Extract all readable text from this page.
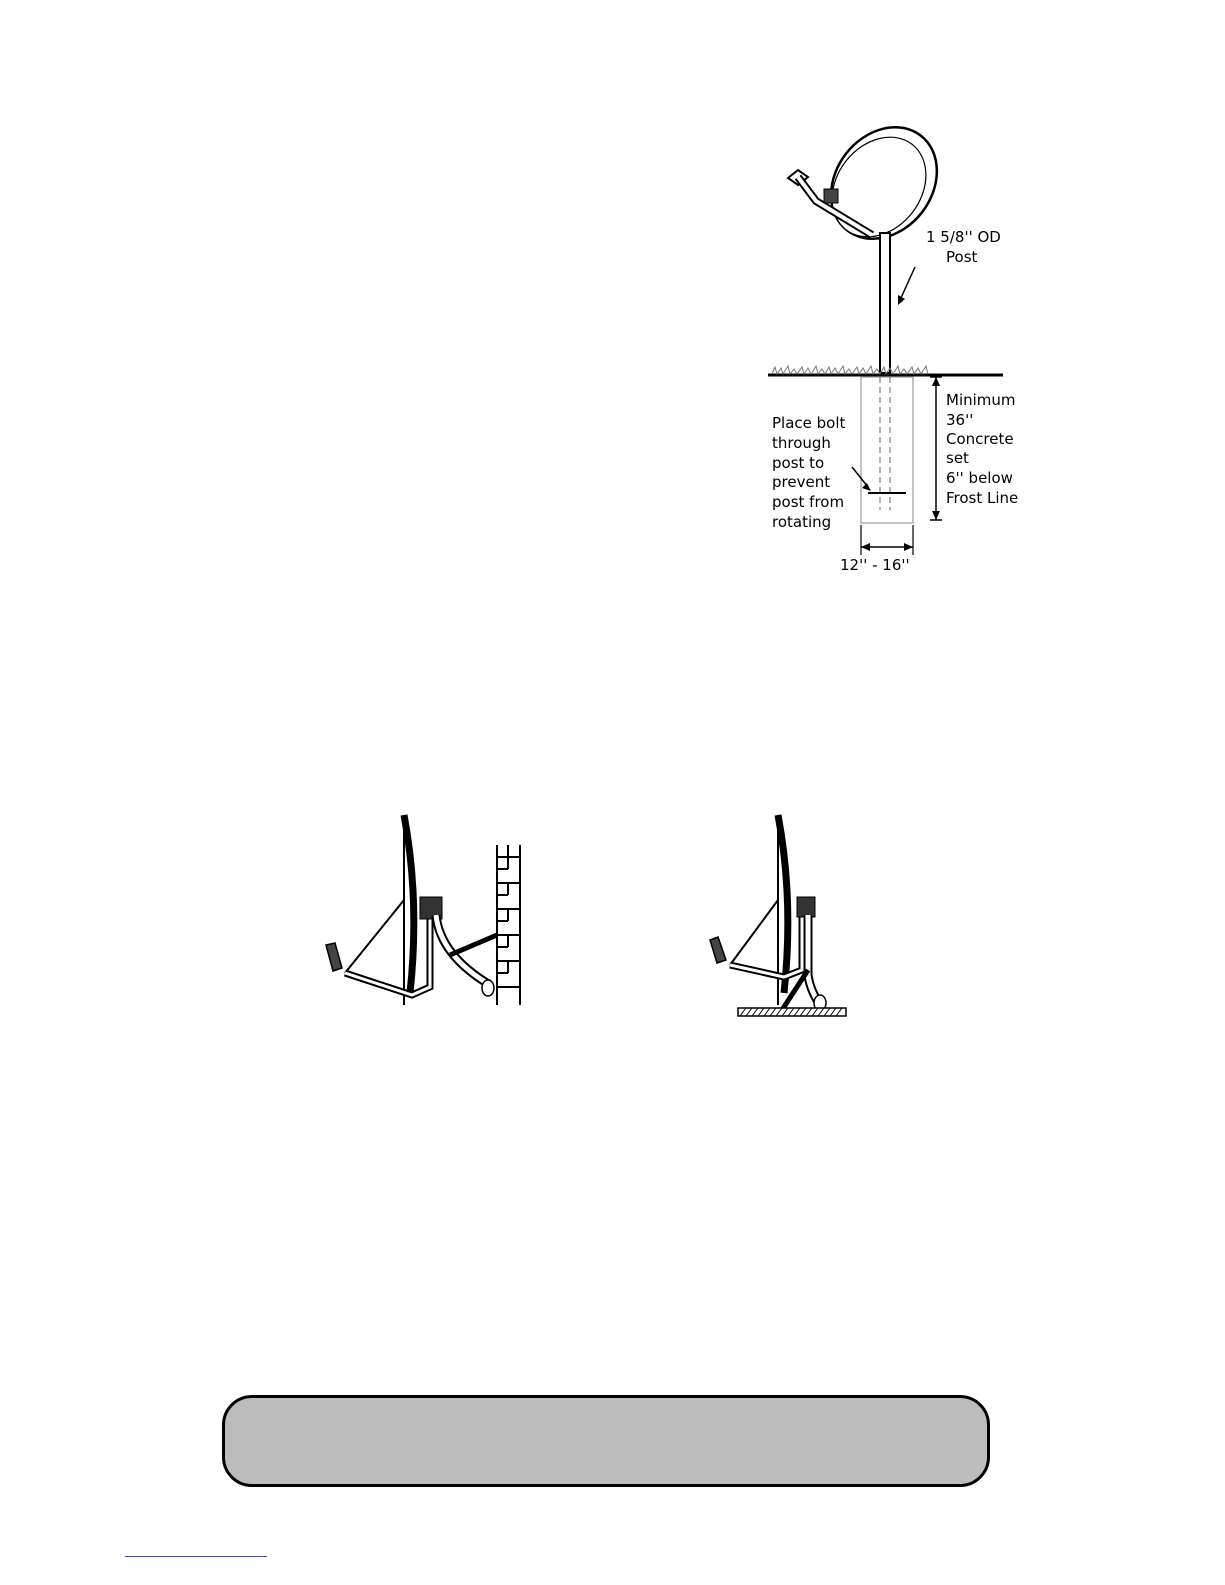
1 5/8'' OD
Post
Minimum
36''
Concrete
set
6'' below
Frost Line
Place bolt
through
post to
prevent
post from
rotating
12'' - 16''
